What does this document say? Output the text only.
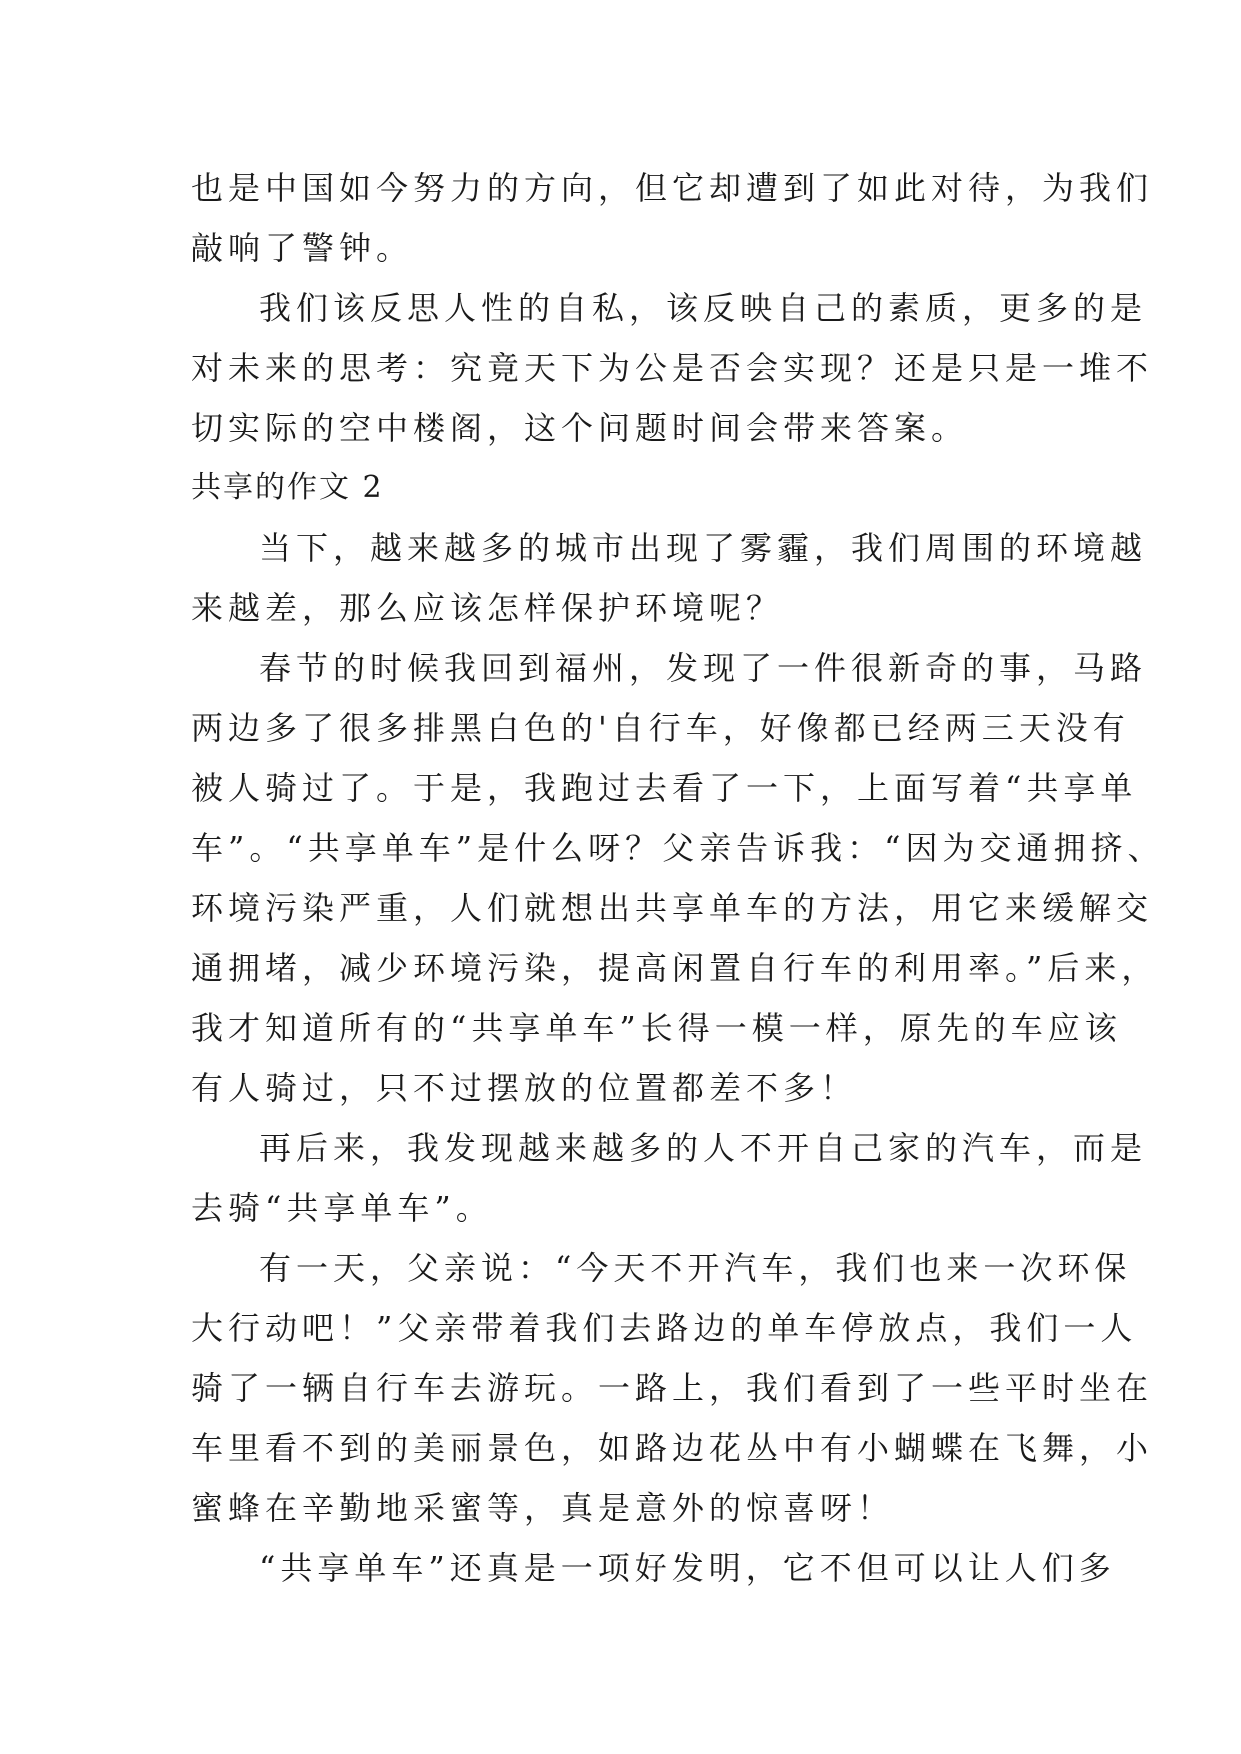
也是中国如今努力的方向，但它却遭到了如此对待，为我们
敲响了警钟。
我们该反思人性的自私，该反映自己的素质，更多的是
对未来的思考：究竟天下为公是否会实现？还是只是一堆不
切实际的空中楼阁，这个问题时间会带来答案。
共享的作文 2
当下，越来越多的城市出现了雾霾，我们周围的环境越
来越差，那么应该怎样保护环境呢？
春节的时候我回到福州，发现了一件很新奇的事，马路
两边多了很多排黑白色的'自行车，好像都已经两三天没有
被人骑过了。于是，我跑过去看了一下，上面写着“共享单
车”。“共享单车”是什么呀？父亲告诉我：“因为交通拥挤、
环境污染严重，人们就想出共享单车的方法，用它来缓解交
通拥堵，减少环境污染，提高闲置自行车的利用率。”后来，
我才知道所有的“共享单车”长得一模一样，原先的车应该
有人骑过，只不过摆放的位置都差不多！
再后来，我发现越来越多的人不开自己家的汽车，而是
去骑“共享单车”。
有一天，父亲说：“今天不开汽车，我们也来一次环保
大行动吧！”父亲带着我们去路边的单车停放点，我们一人
骑了一辆自行车去游玩。一路上，我们看到了一些平时坐在
车里看不到的美丽景色，如路边花丛中有小蝴蝶在飞舞，小
蜜蜂在辛勤地采蜜等，真是意外的惊喜呀！
“共享单车”还真是一项好发明，它不但可以让人们多
